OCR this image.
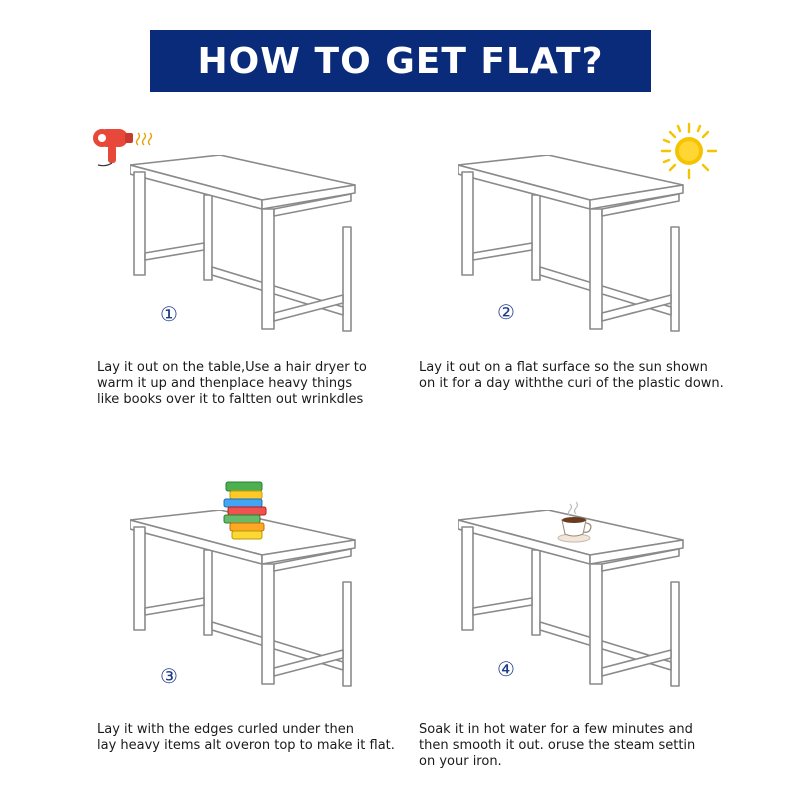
HOW TO GET FLAT?
①
Lay it out on the table,Use a hair dryer to
warm it up and thenplace heavy things
like books over it to faltten out wrinkdles
②
Lay it out on a flat surface so the sun shown
on it for a day withthe curi of the plastic down.
③
Lay it with the edges curled under then
lay heavy items alt overon top to make it flat.
④
Soak it in hot water for a few minutes and
then smooth it out. oruse the steam settin
on your iron.
